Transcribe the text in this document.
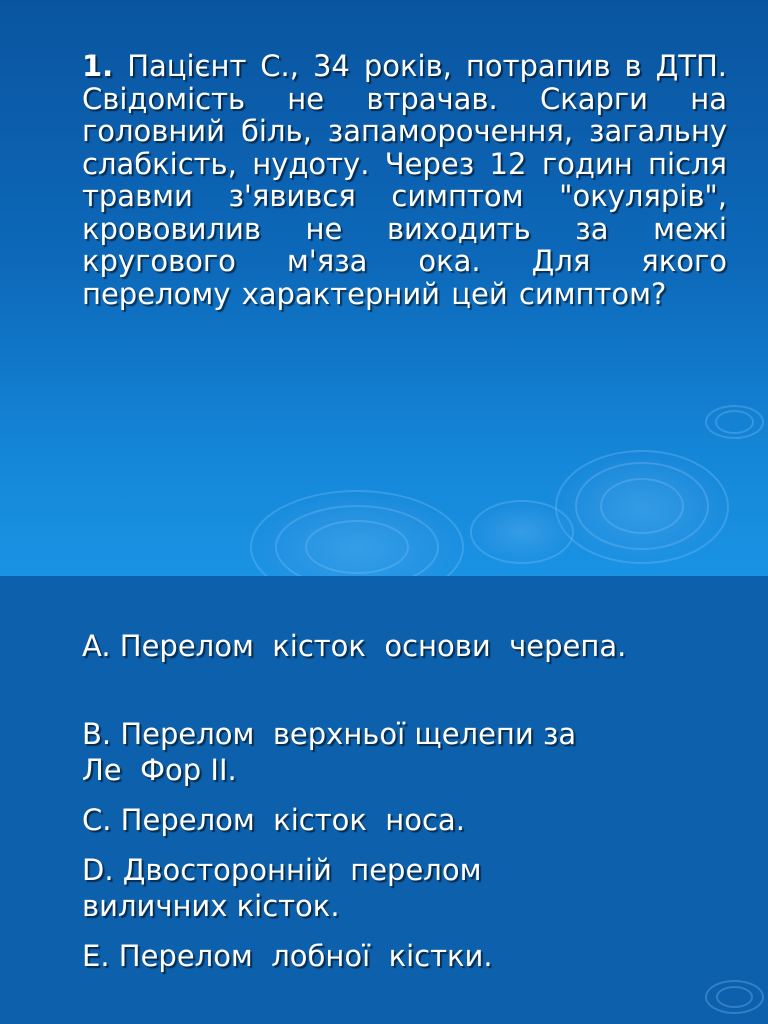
1. Пацієнт С., 34 років, потрапив в ДТП. Свідомість не втрачав. Скарги на головний біль, запаморочення, загальну слабкість, нудоту. Через 12 годин після травми з'явився симптом "окулярів", крововилив не виходить за межі кругового м'яза ока. Для якого перелому характерний цей симптом?

A. Перелом  кісток  основи  черепа.

B. Перелом  верхньої щелепи за
Ле  Фор II.

C. Перелом  кісток  носа.

D. Двосторонній  перелом
виличних кісток.

E. Перелом  лобної  кістки.
